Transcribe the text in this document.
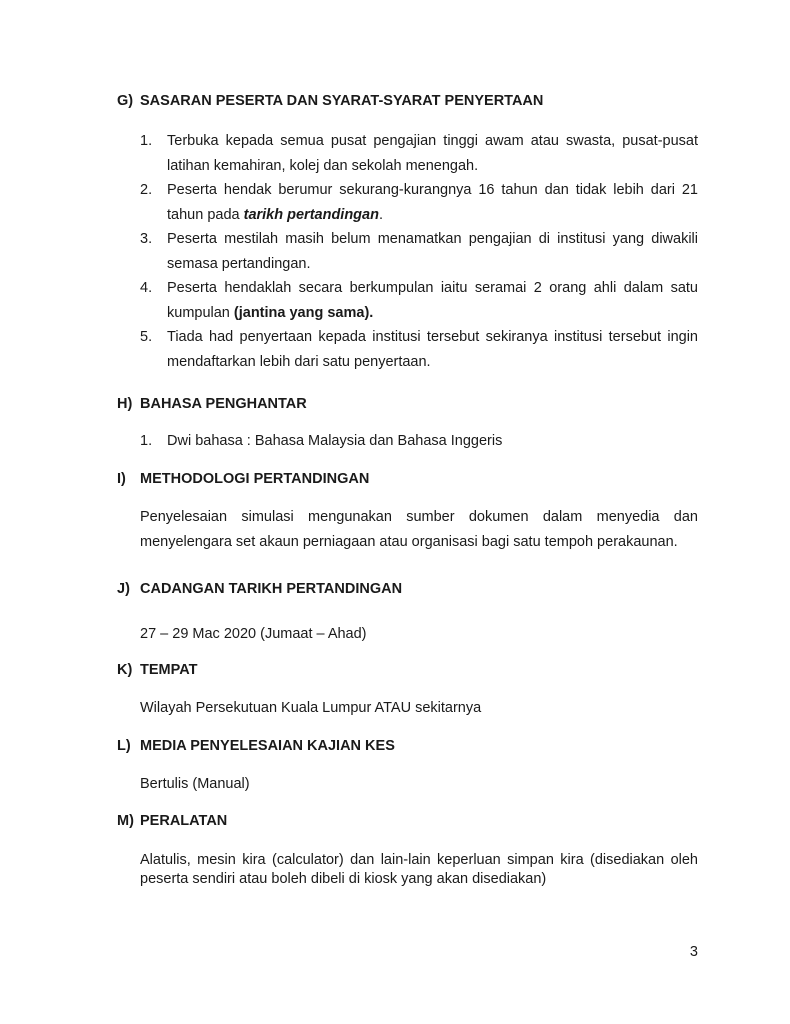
G) SASARAN PESERTA DAN SYARAT-SYARAT PENYERTAAN
1. Terbuka kepada semua pusat pengajian tinggi awam atau swasta, pusat-pusat latihan kemahiran, kolej dan sekolah menengah.
2. Peserta hendak berumur sekurang-kurangnya 16 tahun dan tidak lebih dari 21 tahun pada tarikh pertandingan.
3. Peserta mestilah masih belum menamatkan pengajian di institusi yang diwakili semasa pertandingan.
4. Peserta hendaklah secara berkumpulan iaitu seramai 2 orang ahli dalam satu kumpulan (jantina yang sama).
5. Tiada had penyertaan kepada institusi tersebut sekiranya institusi tersebut ingin mendaftarkan lebih dari satu penyertaan.
H) BAHASA PENGHANTAR
1. Dwi bahasa : Bahasa Malaysia dan Bahasa Inggeris
I) METHODOLOGI PERTANDINGAN
Penyelesaian simulasi mengunakan sumber dokumen dalam menyedia dan menyelengara set akaun perniagaan atau organisasi bagi satu tempoh perakaunan.
J) CADANGAN TARIKH PERTANDINGAN
27 – 29 Mac 2020 (Jumaat – Ahad)
K) TEMPAT
Wilayah Persekutuan Kuala Lumpur ATAU sekitarnya
L) MEDIA PENYELESAIAN KAJIAN KES
Bertulis (Manual)
M) PERALATAN
Alatulis, mesin kira (calculator) dan lain-lain keperluan simpan kira (disediakan oleh peserta sendiri atau boleh dibeli di kiosk yang akan disediakan)
3
